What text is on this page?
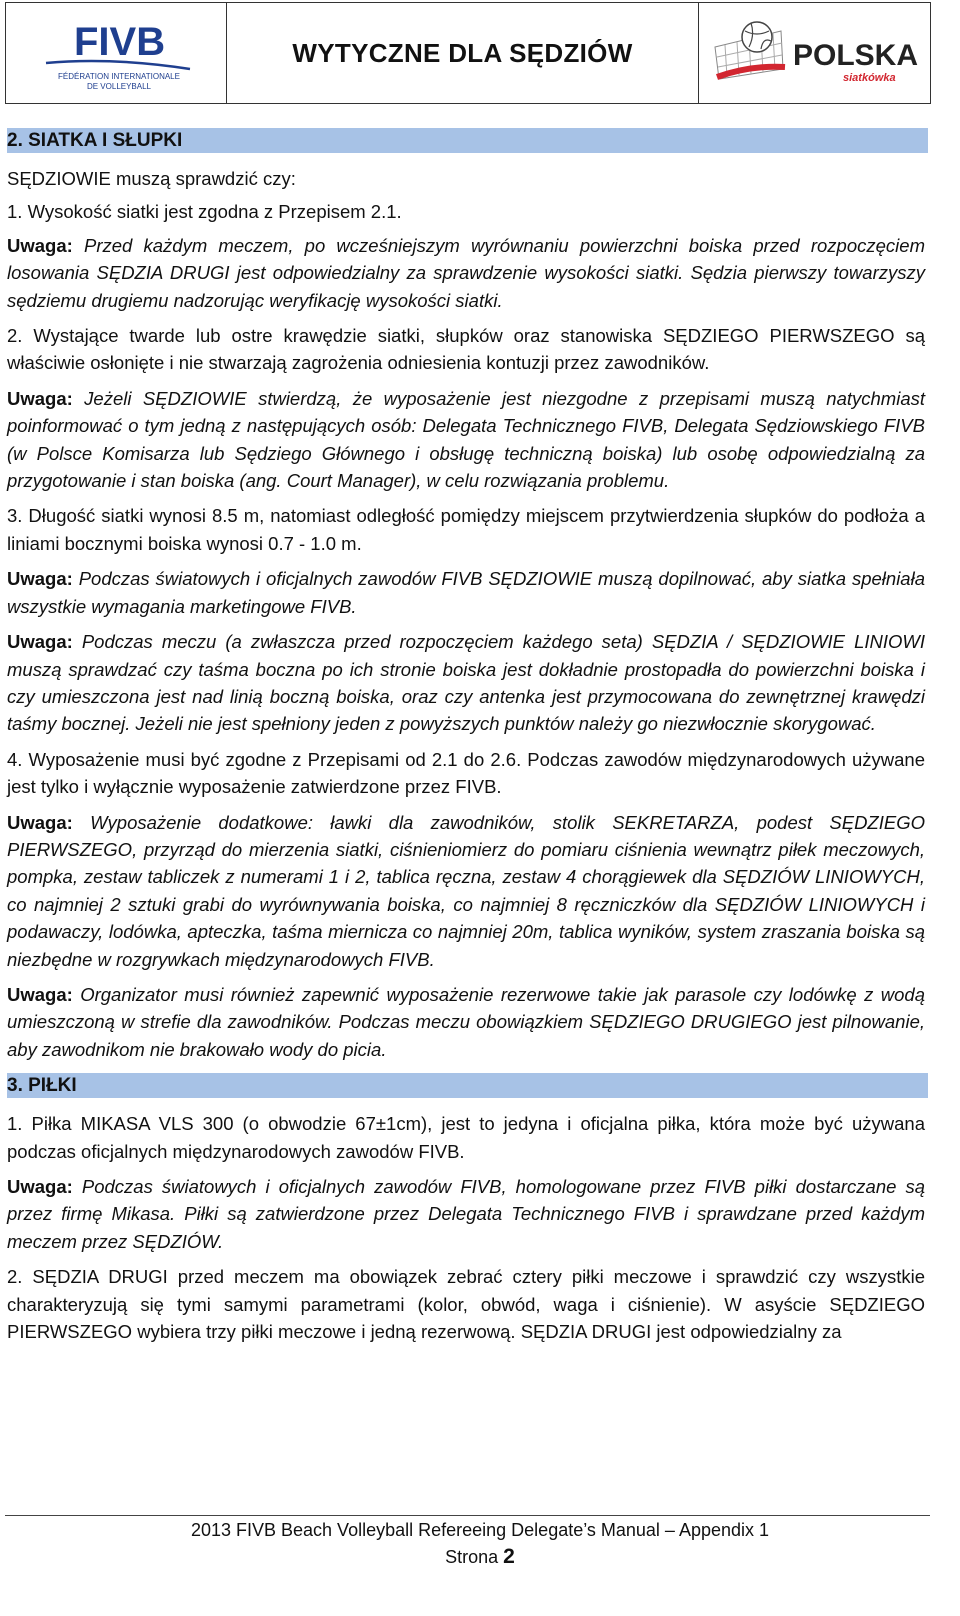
FIVB
FÉDÉRATION INTERNATIONALE
DE VOLLEYBALL
WYTYCZNE DLA SĘDZIÓW	POLSKA
siatkówka
2. SIATKA I SŁUPKI

SĘDZIOWIE muszą sprawdzić czy:

1. Wysokość siatki jest zgodna z Przepisem 2.1.

Uwaga: Przed każdym meczem, po wcześniejszym wyrównaniu powierzchni boiska przed rozpoczęciem losowania SĘDZIA DRUGI jest odpowiedzialny za sprawdzenie wysokości siatki. Sędzia pierwszy towarzyszy sędziemu drugiemu nadzorując weryfikację wysokości siatki.

2. Wystające twarde lub ostre krawędzie siatki, słupków oraz stanowiska SĘDZIEGO PIERWSZEGO są właściwie osłonięte i nie stwarzają zagrożenia odniesienia kontuzji przez zawodników.

Uwaga: Jeżeli SĘDZIOWIE stwierdzą, że wyposażenie jest niezgodne z przepisami muszą natychmiast poinformować o tym jedną z następujących osób: Delegata Technicznego FIVB, Delegata Sędziowskiego FIVB (w Polsce Komisarza lub Sędziego Głównego i obsługę techniczną boiska) lub osobę odpowiedzialną za przygotowanie i stan boiska (ang. Court Manager), w celu rozwiązania problemu.

3. Długość siatki wynosi 8.5 m, natomiast odległość pomiędzy miejscem przytwierdzenia słupków do podłoża a liniami bocznymi boiska wynosi 0.7 - 1.0 m.

Uwaga: Podczas światowych i oficjalnych zawodów FIVB SĘDZIOWIE muszą dopilnować, aby siatka spełniała wszystkie wymagania marketingowe FIVB.

Uwaga: Podczas meczu (a zwłaszcza przed rozpoczęciem każdego seta) SĘDZIA / SĘDZIOWIE LINIOWI muszą sprawdzać czy taśma boczna po ich stronie boiska jest dokładnie prostopadła do powierzchni boiska i czy umieszczona jest nad linią boczną boiska, oraz czy antenka jest przymocowana do zewnętrznej krawędzi taśmy bocznej. Jeżeli nie jest spełniony jeden z powyższych punktów należy go niezwłocznie skorygować.

4. Wyposażenie musi być zgodne z Przepisami od 2.1 do 2.6. Podczas zawodów międzynarodowych używane jest tylko i wyłącznie wyposażenie zatwierdzone przez FIVB.

Uwaga: Wyposażenie dodatkowe: ławki dla zawodników, stolik SEKRETARZA, podest SĘDZIEGO PIERWSZEGO, przyrząd do mierzenia siatki, ciśnieniomierz do pomiaru ciśnienia wewnątrz piłek meczowych, pompka, zestaw tabliczek z numerami 1 i 2, tablica ręczna, zestaw 4 chorągiewek dla SĘDZIÓW LINIOWYCH, co najmniej 2 sztuki grabi do wyrównywania boiska, co najmniej 8 ręczniczków dla SĘDZIÓW LINIOWYCH i podawaczy, lodówka, apteczka, taśma miernicza co najmniej 20m, tablica wyników, system zraszania boiska są niezbędne w rozgrywkach międzynarodowych FIVB.

Uwaga: Organizator musi również zapewnić wyposażenie rezerwowe takie jak parasole czy lodówkę z wodą umieszczoną w strefie dla zawodników. Podczas meczu obowiązkiem SĘDZIEGO DRUGIEGO jest pilnowanie, aby zawodnikom nie brakowało wody do picia.

3. PIŁKI

1. Piłka MIKASA VLS 300 (o obwodzie 67±1cm), jest to jedyna i oficjalna piłka, która może być używana podczas oficjalnych międzynarodowych zawodów FIVB.

Uwaga: Podczas światowych i oficjalnych zawodów FIVB, homologowane przez FIVB piłki dostarczane są przez firmę Mikasa. Piłki są zatwierdzone przez Delegata Technicznego FIVB i sprawdzane przed każdym meczem przez SĘDZIÓW.

2. SĘDZIA DRUGI przed meczem ma obowiązek zebrać cztery piłki meczowe i sprawdzić czy wszystkie charakteryzują się tymi samymi parametrami (kolor, obwód, waga i ciśnienie). W asyście SĘDZIEGO PIERWSZEGO wybiera trzy piłki meczowe i jedną rezerwową. SĘDZIA DRUGI jest odpowiedzialny za

2013 FIVB Beach Volleyball Refereeing Delegate’s Manual – Appendix 1
Strona 2
